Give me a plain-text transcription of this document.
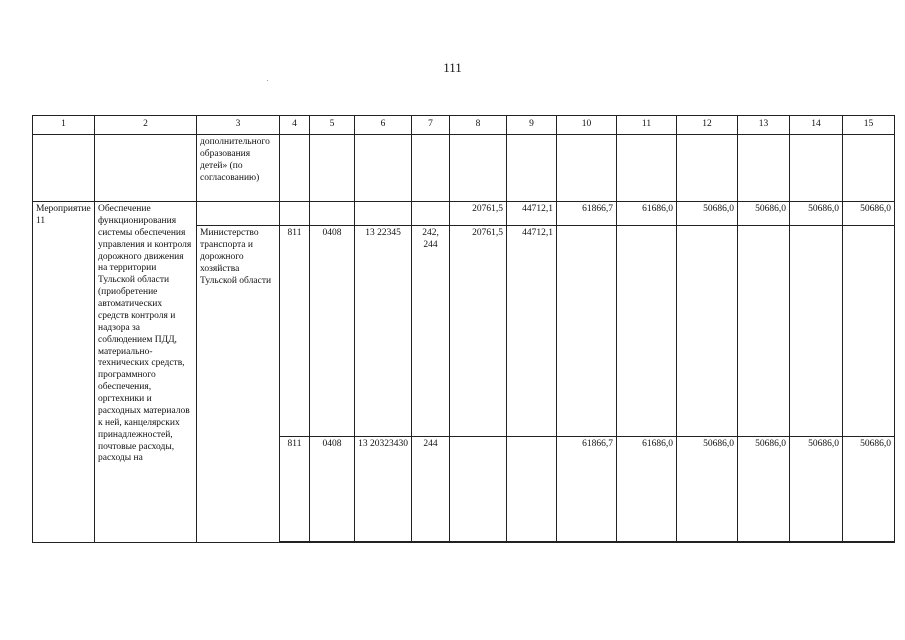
111
1	2	3	4	5	6	7	8	9	10	11	12	13	14	15
		дополнительного образования детей» (по согласованию)												
Мероприятие 11	Обеспечение функционирования системы обеспечения управления и контроля дорожного движения на территории Тульской области (приобретение автоматических средств контроля и надзора за соблюдением ПДД, материально-технических средств, программного обеспечения, оргтехники и расходных материалов к ней, канцелярских принадлежностей, почтовые расходы, расходы на						20761,5	44712,1	61866,7	61686,0	50686,0	50686,0	50686,0	50686,0
		Министерство транспорта и дорожного хозяйства Тульской области	811	0408	13 22345	242, 244	20761,5	44712,1						
			811	0408	13 20323430	244			61866,7	61686,0	50686,0	50686,0	50686,0	50686,0
